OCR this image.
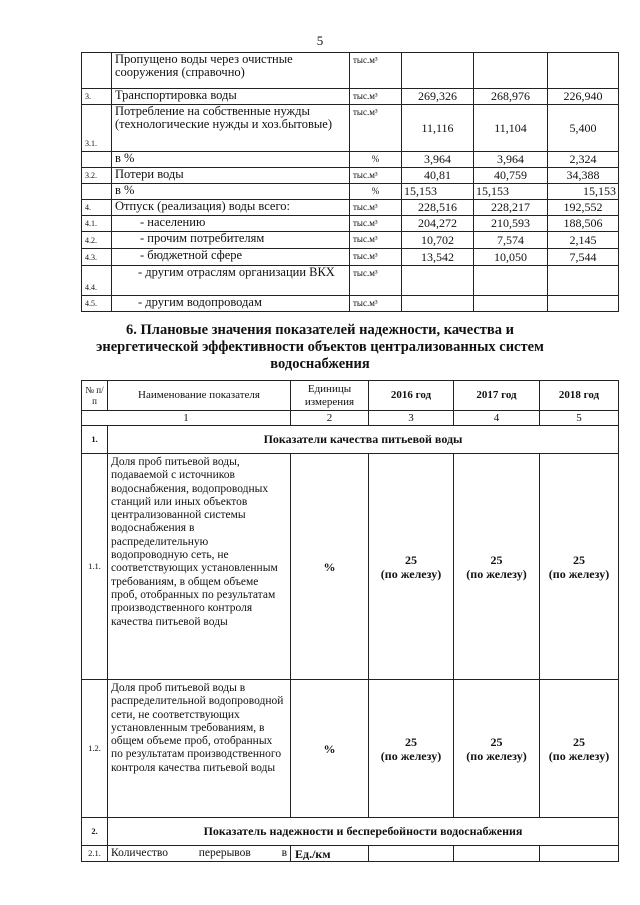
5
	Пропущено воды через очистные сооружения (справочно)	тыс.м³			
3.	Транспортировка воды	тыс.м³	269,326	268,976	226,940
3.1.	Потребление на собственные нужды (технологические нужды и хоз.бытовые)	тыс.м³	11,116	11,104	5,400
	в %	%	3,964	3,964	2,324
3.2.	Потери воды	тыс.м³	40,81	40,759	34,388
	в %	%	15,153	15,153	15,153
4.	Отпуск (реализация) воды всего:	тыс.м³	228,516	228,217	192,552
4.1.	- населению	тыс.м³	204,272	210,593	188,506
4.2.	- прочим потребителям	тыс.м³	10,702	7,574	2,145
4.3.	- бюджетной сфере	тыс.м³	13,542	10,050	7,544
4.4.	- другим отраслям организации ВКХ	тыс.м³			
4.5.	- другим водопроводам	тыс.м³			
6. Плановые значения показателей надежности, качества и энергетической эффективности объектов централизованных систем водоснабжения
№ п/п	Наименование показателя	Единицы измерения	2016 год	2017 год	2018 год
1		2	3	4	5
1.	Показатели качества питьевой воды				
1.1.	Доля проб питьевой воды, подаваемой с источников водоснабжения, водопроводных станций или иных объектов централизованной системы водоснабжения в распределительную водопроводную сеть, не соответствующих установленным требованиям, в общем объеме проб, отобранных по результатам производственного контроля качества питьевой воды	%	25
(по железу)	25
(по железу)	25
(по железу)
1.2.	Доля проб питьевой воды в распределительной водопроводной сети, не соответствующих установленным требованиям, в общем объеме проб, отобранных по результатам производственного контроля качества питьевой воды	%	25
(по железу)	25
(по железу)	25
(по железу)
2.	Показатель надежности и бесперебойности водоснабжения				
2.1.	Количество перерывов в	Ед./км			
